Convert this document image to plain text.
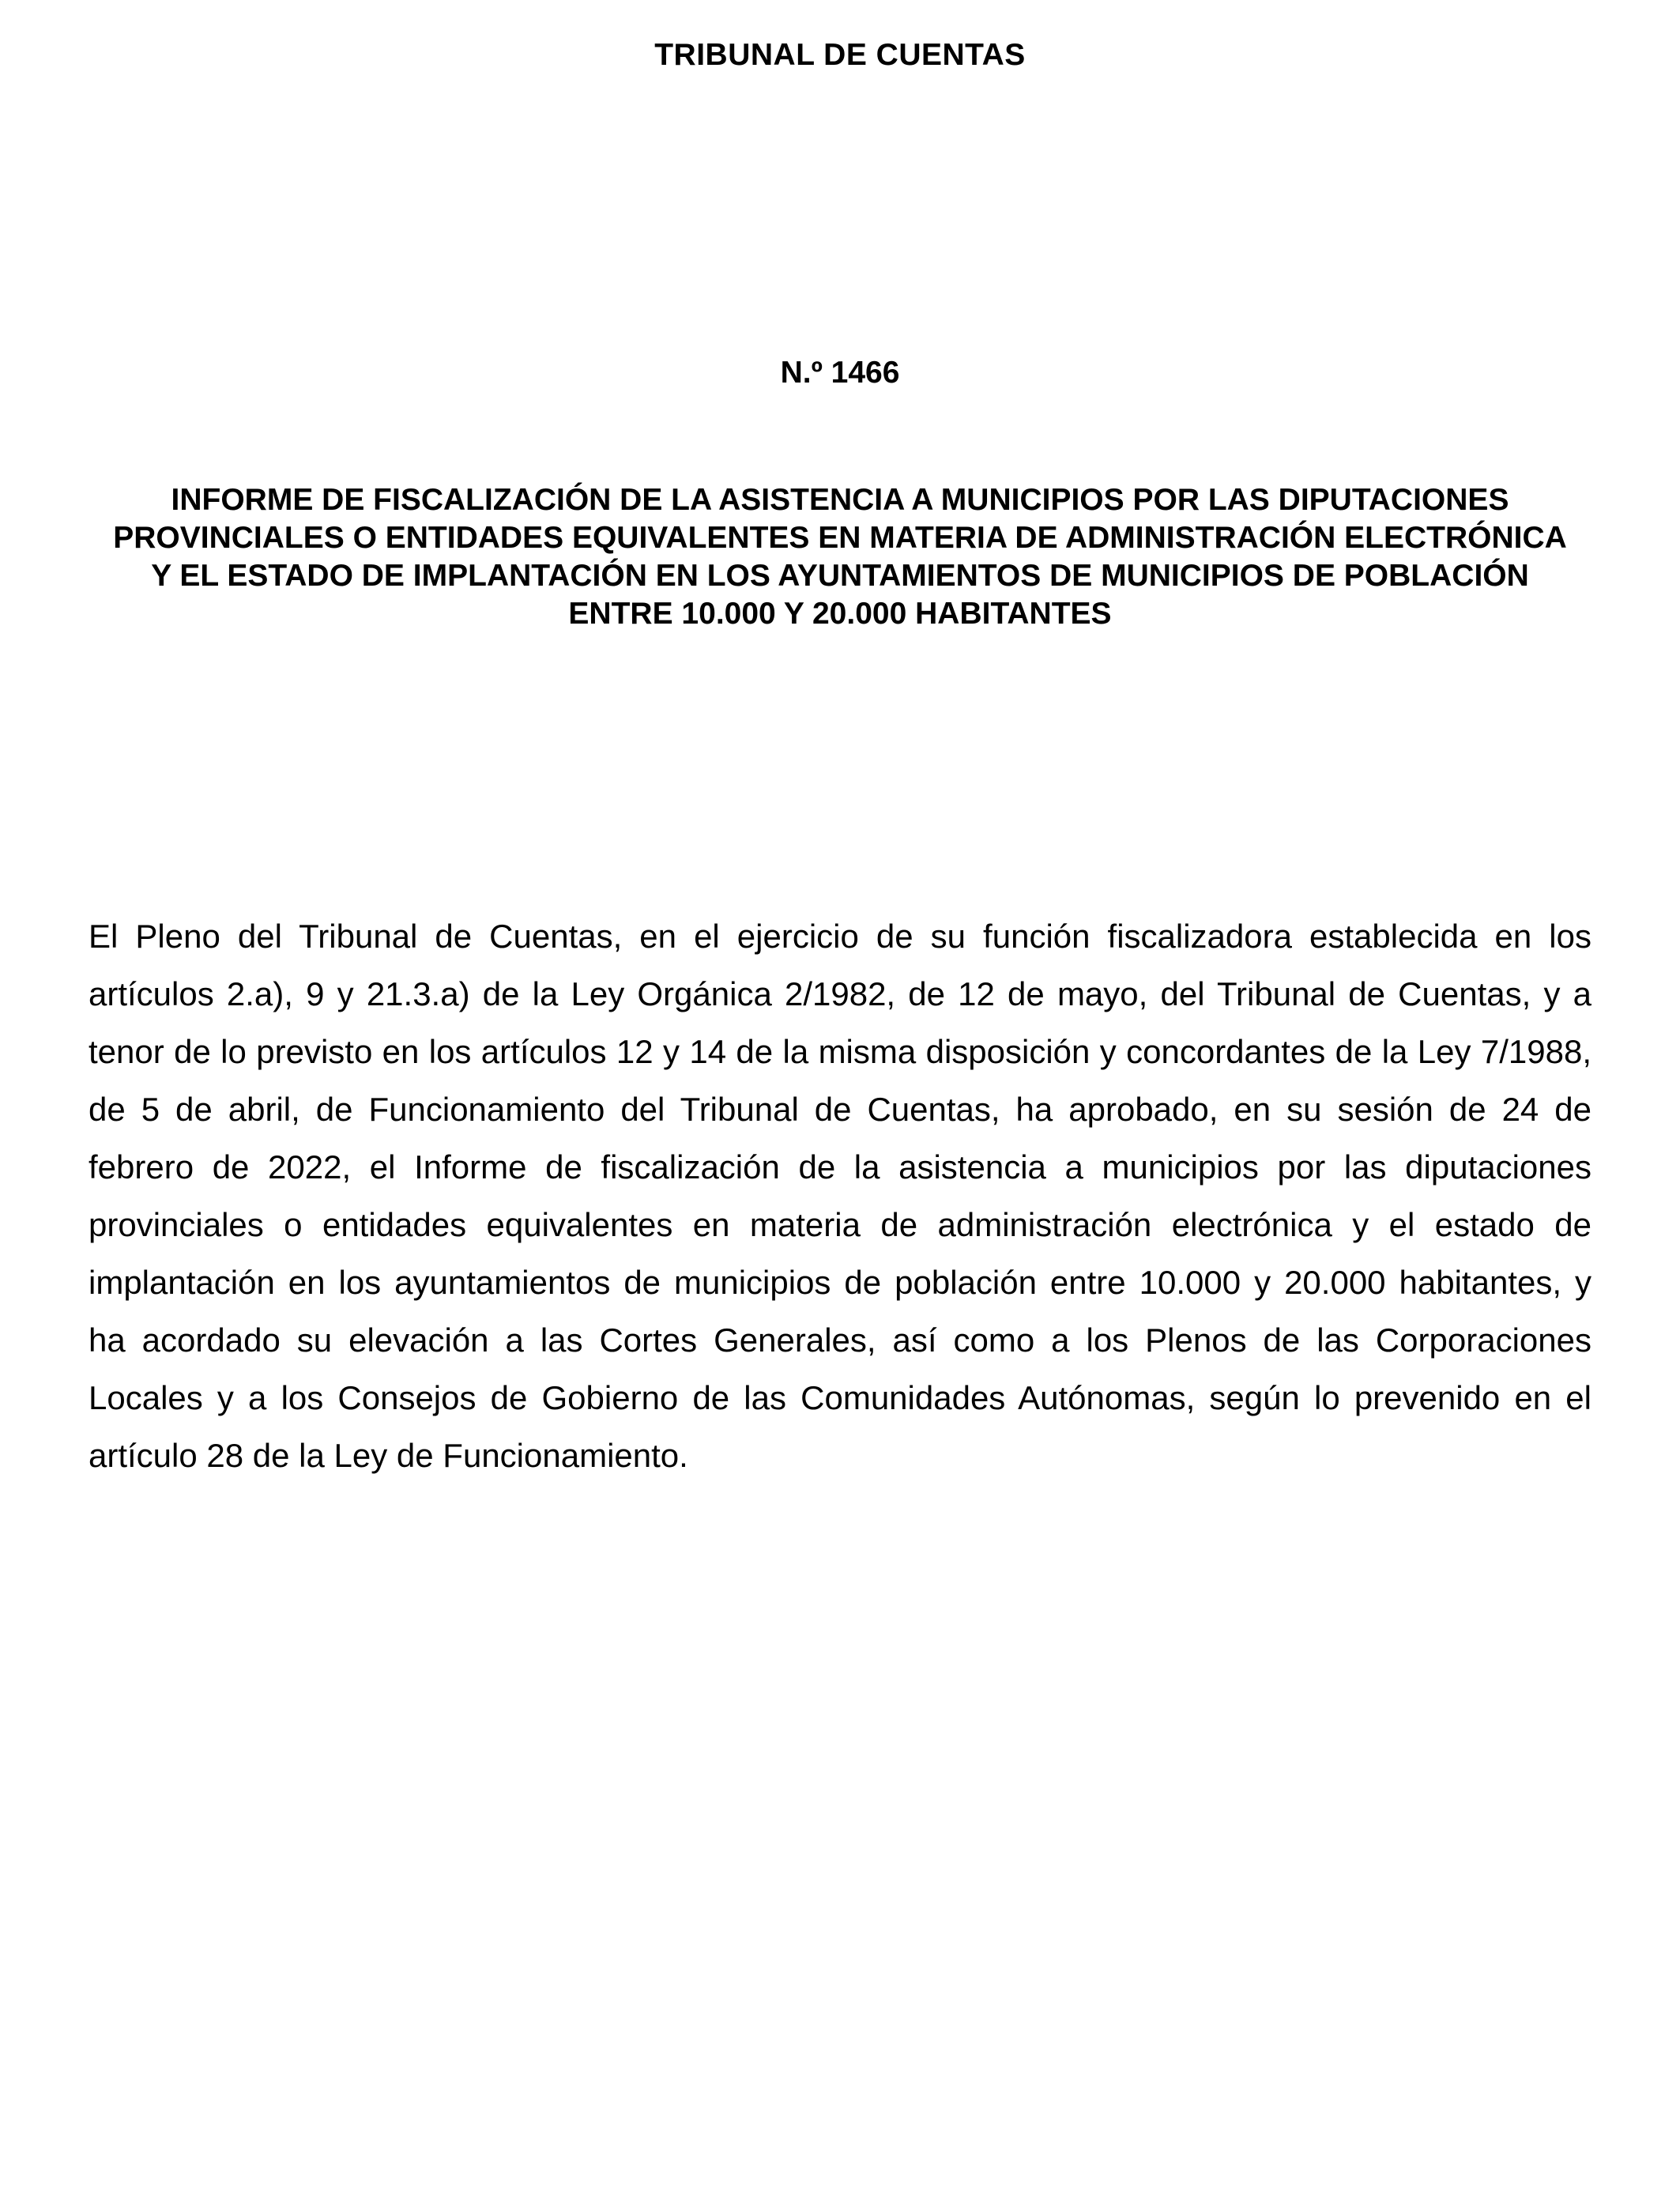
TRIBUNAL DE CUENTAS
N.º 1466
INFORME DE FISCALIZACIÓN DE LA ASISTENCIA A MUNICIPIOS POR LAS DIPUTACIONES
PROVINCIALES O ENTIDADES EQUIVALENTES EN MATERIA DE ADMINISTRACIÓN ELECTRÓNICA
Y EL ESTADO DE IMPLANTACIÓN EN LOS AYUNTAMIENTOS DE MUNICIPIOS DE POBLACIÓN
ENTRE 10.000 Y 20.000 HABITANTES
El Pleno del Tribunal de Cuentas, en el ejercicio de su función fiscalizadora establecida en los
artículos 2.a), 9 y 21.3.a) de la Ley Orgánica 2/1982, de 12 de mayo, del Tribunal de Cuentas, y a
tenor de lo previsto en los artículos 12 y 14 de la misma disposición y concordantes de la Ley 7/1988,
de 5 de abril, de Funcionamiento del Tribunal de Cuentas, ha aprobado, en su sesión de 24 de
febrero de 2022, el Informe de fiscalización de la asistencia a municipios por las diputaciones
provinciales o entidades equivalentes en materia de administración electrónica y el estado de
implantación en los ayuntamientos de municipios de población entre 10.000 y 20.000 habitantes, y
ha acordado su elevación a las Cortes Generales, así como a los Plenos de las Corporaciones
Locales y a los Consejos de Gobierno de las Comunidades Autónomas, según lo prevenido en el
artículo 28 de la Ley de Funcionamiento.
